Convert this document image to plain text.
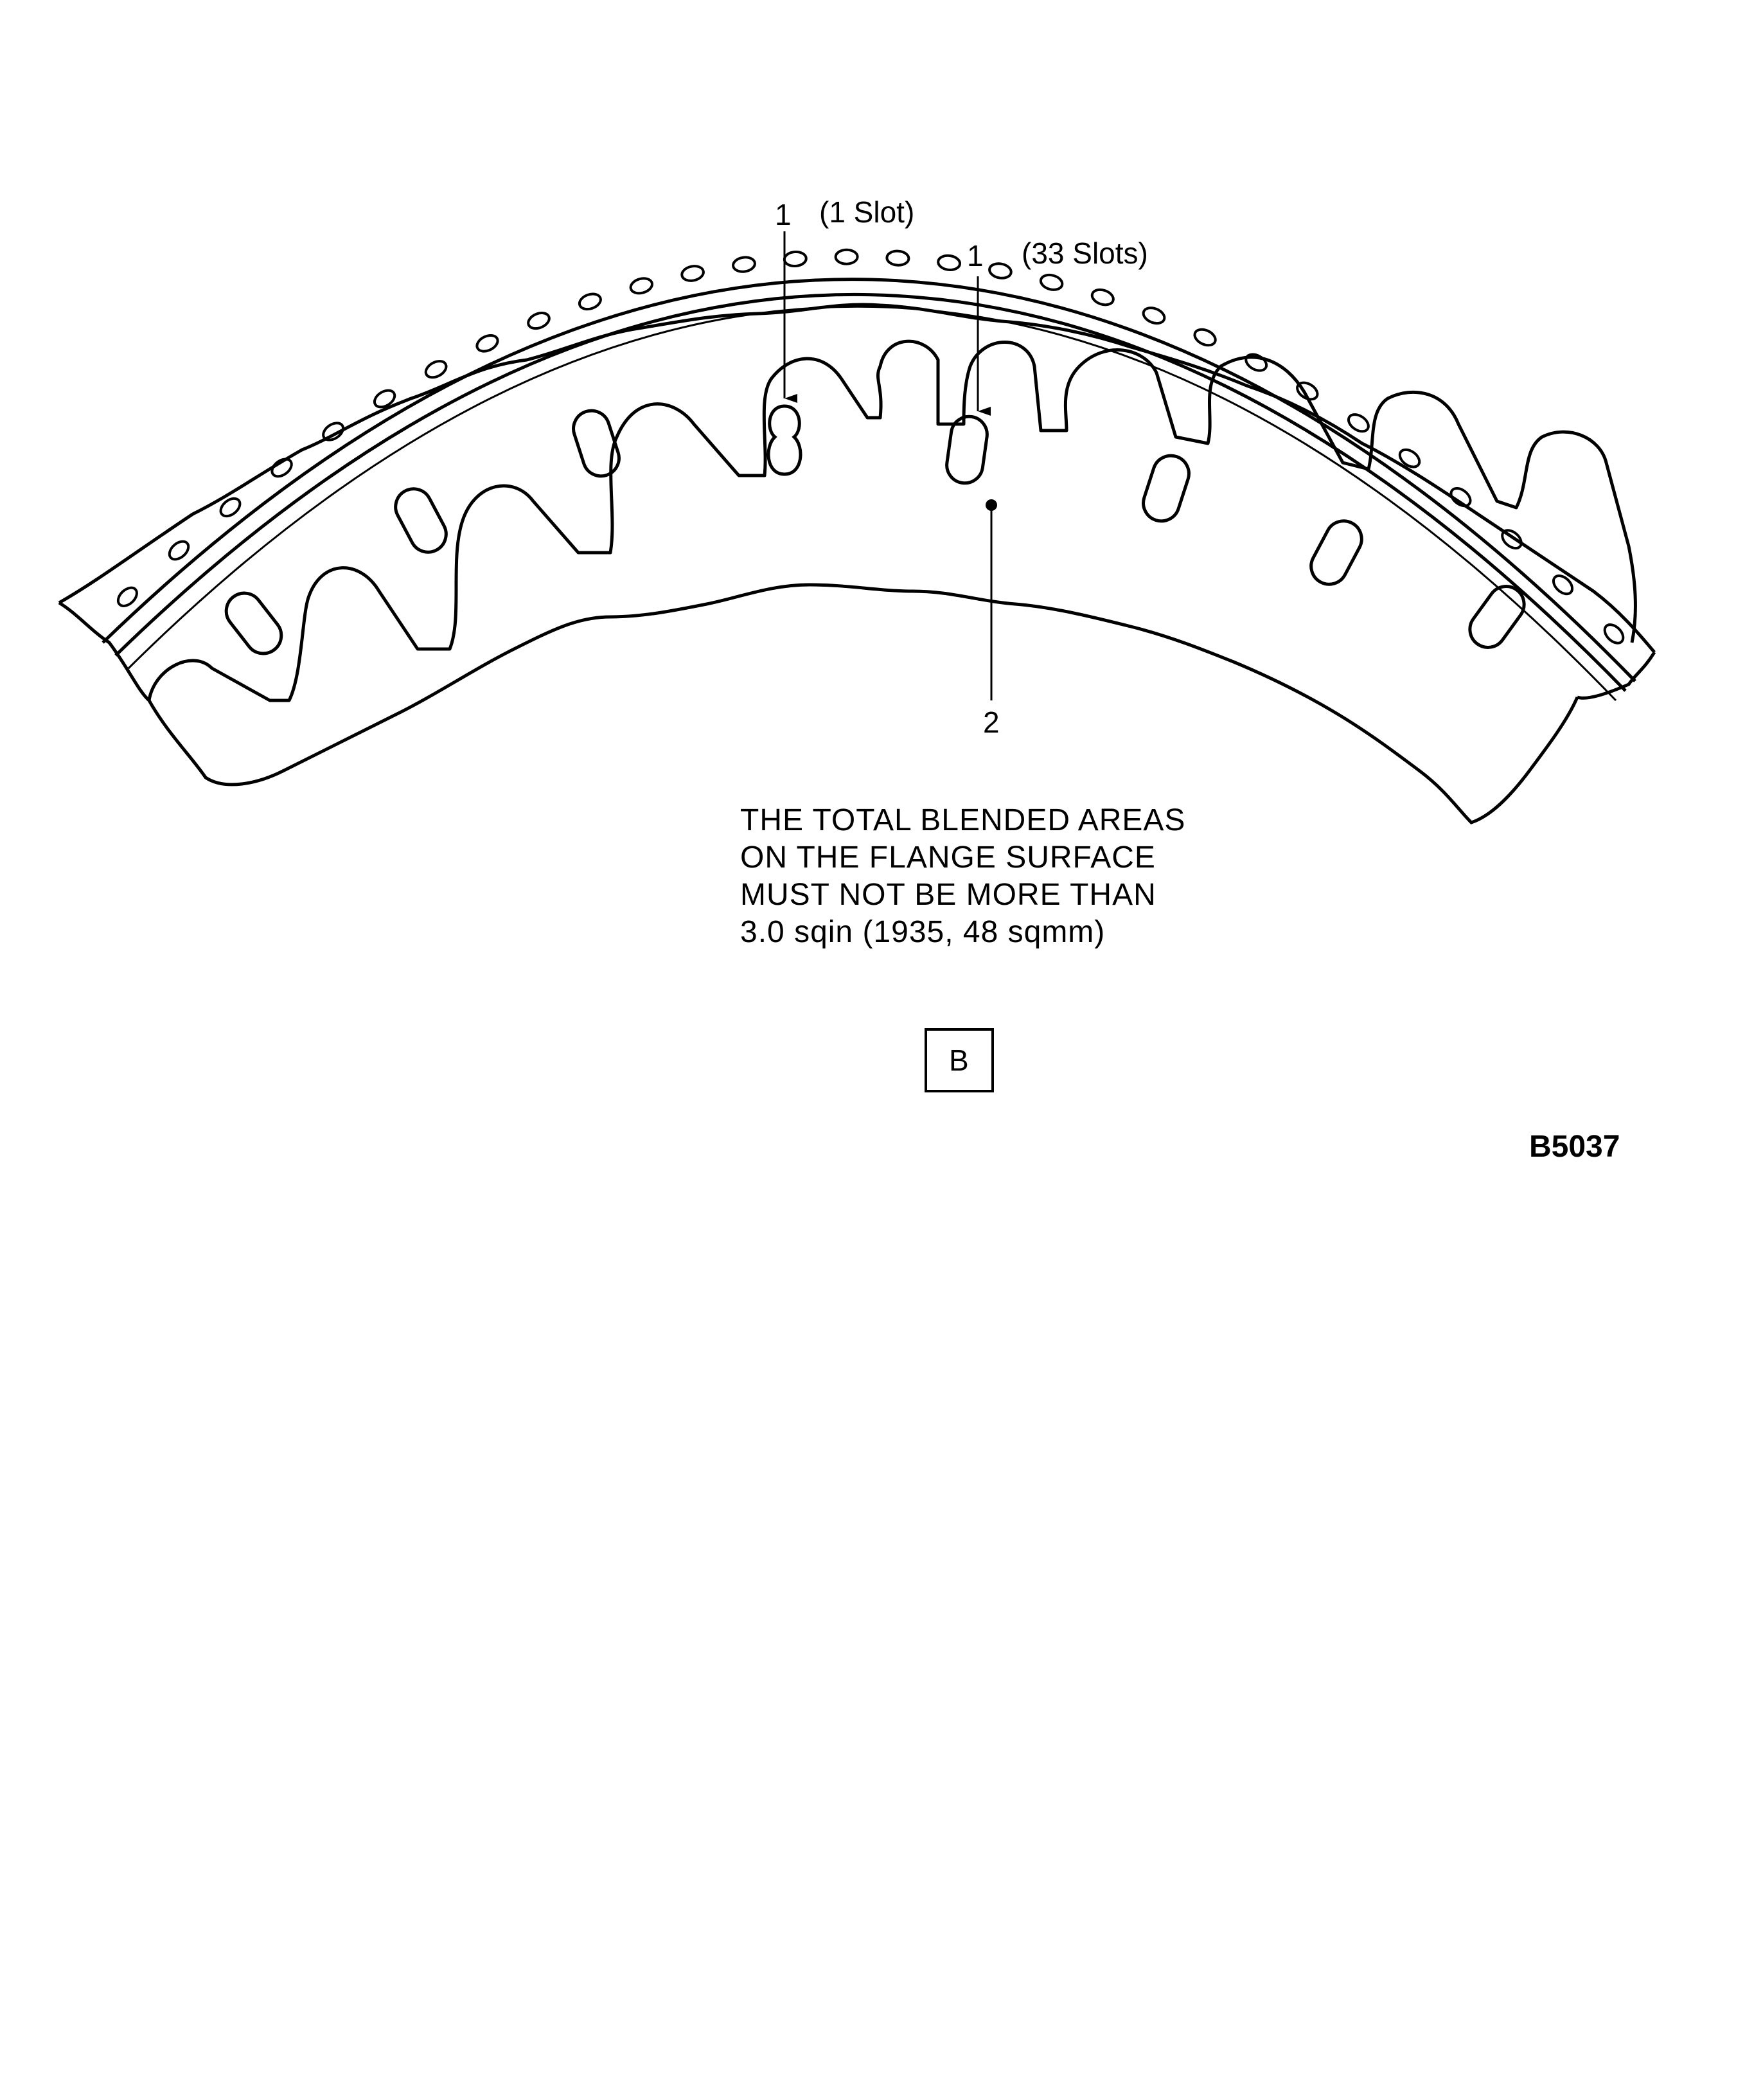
1 (1 Slot)
1 (33 Slots)
2
THE TOTAL BLENDED AREAS
ON THE FLANGE SURFACE
MUST NOT BE MORE THAN
3.0 sqin (1935, 48 sqmm)
B
B5037
